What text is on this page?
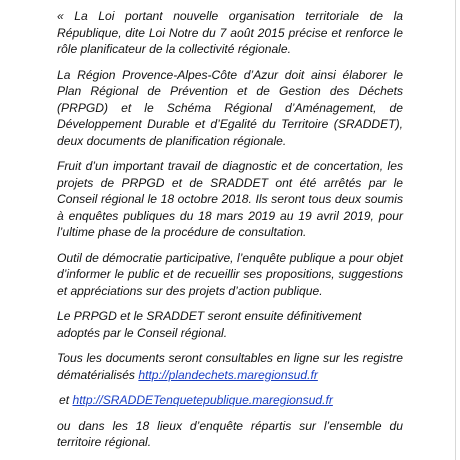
« La Loi portant nouvelle organisation territoriale de la République, dite Loi Notre du 7 août 2015 précise et renforce le rôle planificateur de la collectivité régionale.

La Région Provence-Alpes-Côte d’Azur doit ainsi élaborer le Plan Régional de Prévention et de Gestion des Déchets (PRPGD) et le Schéma Régional d’Aménagement, de Développement Durable et d’Egalité du Territoire (SRADDET), deux documents de planification régionale.

Fruit d’un important travail de diagnostic et de concertation, les projets de PRPGD et de SRADDET ont été arrêtés par le Conseil régional le 18 octobre 2018. Ils seront tous deux soumis à enquêtes publiques du 18 mars 2019 au 19 avril 2019, pour l’ultime phase de la procédure de consultation.

Outil de démocratie participative, l’enquête publique a pour objet d’informer le public et de recueillir ses propositions, suggestions et appréciations sur des projets d’action publique.

Le PRPGD et le SRADDET seront ensuite définitivement adoptés par le Conseil régional.

Tous les documents seront consultables en ligne sur les registre dématérialisés http://plandechets.maregionsud.fr

et http://SRADDETenquetepublique.maregionsud.fr

ou dans les 18 lieux d’enquête répartis sur l’ensemble du territoire régional.
